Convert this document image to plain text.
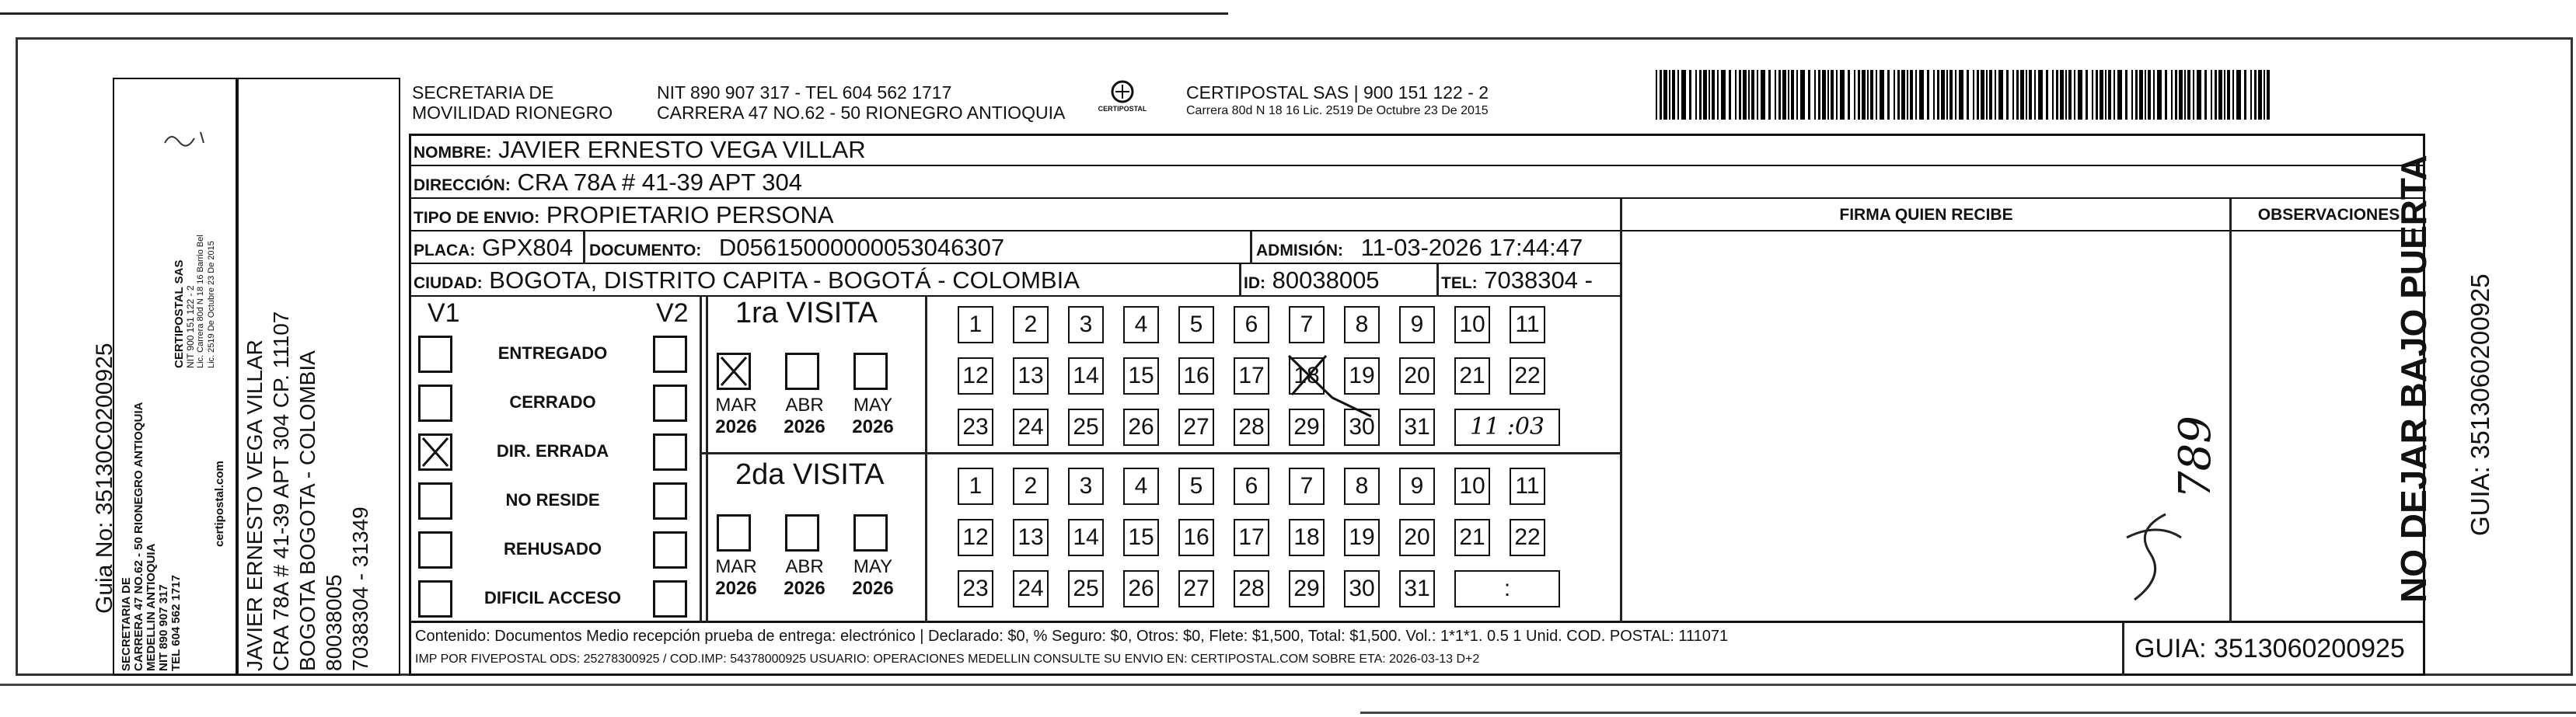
Guia No: 35130C0200925
SECRETARIA DE CARRERA 47 NO.62 - 50 RIONEGRO ANTIOQUIA MEDELLIN ANTIOQUIA NIT 890 907 317 TEL 604 562 1717
CERTIPOSTAL SAS NIT 900 151 122 - 2 Lic. Carrera 80d N 18 16 Barrio Bel Lic. 2519 De Octubre 23 De 2015
certipostal.com JAVIER ERNESTO VEGA VILLAR CRA 78A # 41-39 APT 304 CP. 11107 BOGOTA BOGOTA - COLOMBIA 80038005 7038304 - 31349
SECRETARIA DE
MOVILIDAD RIONEGRO
NIT 890 907 317 - TEL 604 562 1717
CARRERA 47 NO.62 - 50 RIONEGRO ANTIOQUIA	CERTIPOSTAL
CERTIPOSTAL SAS | 900 151 122 - 2
Carrera 80d N 18 16 Lic. 2519 De Octubre 23 De 2015
NOMBRE: JAVIER ERNESTO VEGA VILLAR
DIRECCIÓN: CRA 78A # 41-39 APT 304
TIPO DE ENVIO: PROPIETARIO PERSONA	FIRMA QUIEN RECIBE	OBSERVACIONES
PLACA: GPX804 DOCUMENTO: D05615000000053046307	ADMISIÓN: 11-03-2026 17:44:47
CIUDAD: BOGOTA, DISTRITO CAPITA - BOGOTÁ - COLOMBIA	ID: 80038005	TEL: 7038304 -
V1	V2
ENTREGADO
CERRADO
DIR. ERRADA
NO RESIDE
REHUSADO
DIFICIL ACCESO
1ra VISITA
2da VISITA
MAR
2026
ABR
2026
MAY
2026
1	2	3	4	5	6	7	8	9	10 11
12 13 14 15 16 17 18 19 20 21 22
23 24 25 26 27 28 29 30 31	11 :03
MAR
2026
ABR
2026
MAY
2026
1	2	3	4	5	6	7	8	9	10 11
12 13 14 15 16 17 18 19 20 21 22
23 24 25 26 27 28 29 30 31	:
789
Contenido: Documentos Medio recepción prueba de entrega: electrónico | Declarado: $0, % Seguro: $0, Otros: $0, Flete: $1,500, Total: $1,500. Vol.: 1*1*1. 0.5 1 Unid. COD. POSTAL: 111071
IMP POR FIVEPOSTAL ODS: 25278300925 / COD.IMP: 54378000925 USUARIO: OPERACIONES MEDELLIN CONSULTE SU ENVIO EN: CERTIPOSTAL.COM SOBRE ETA: 2026-03-13 D+2	GUIA: 3513060200925
NO DEJAR BAJO PUERTA GUIA: 3513060200925
